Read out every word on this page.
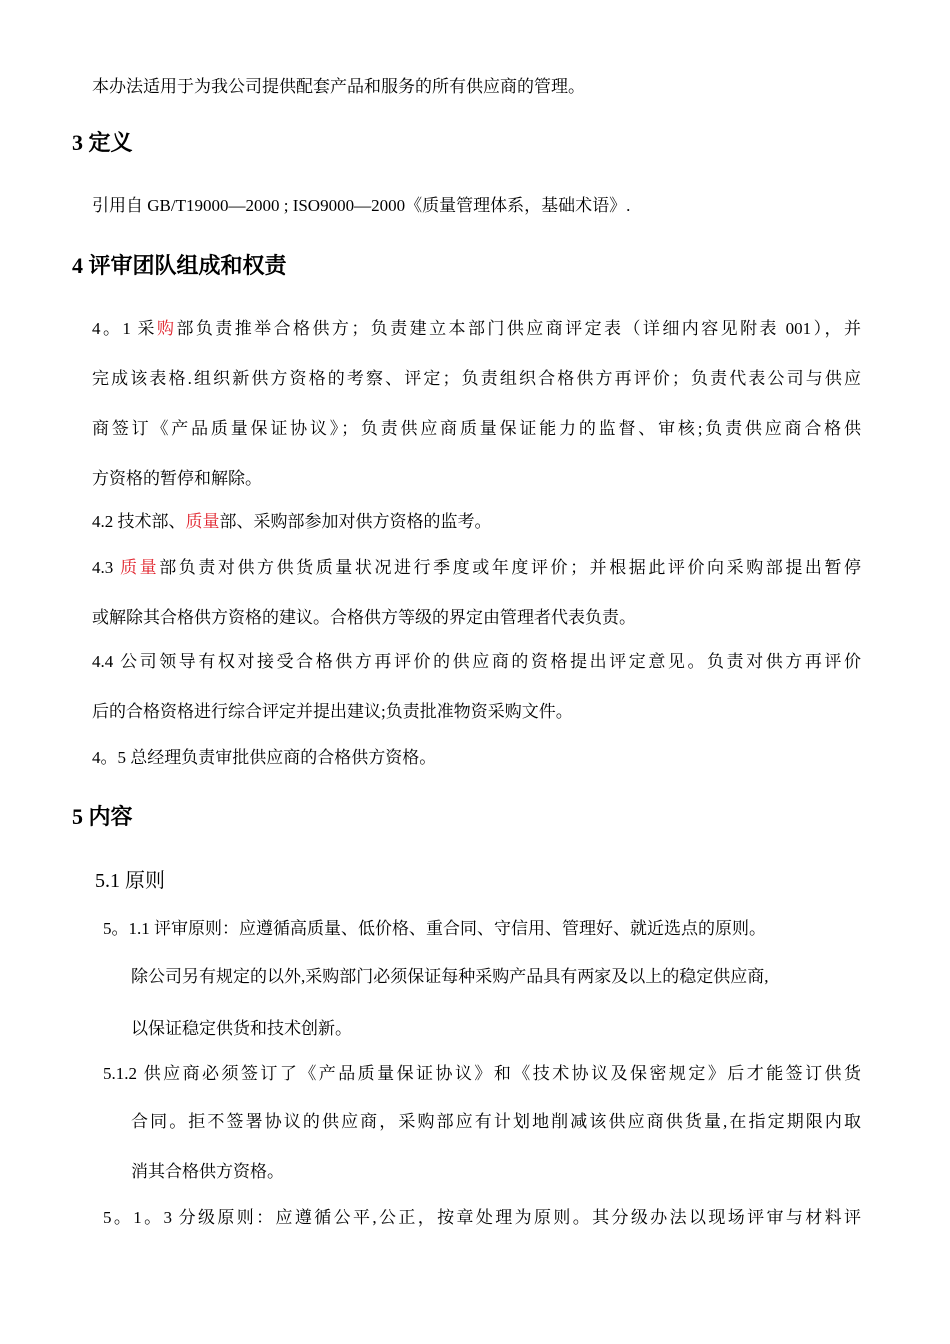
本办法适用于为我公司提供配套产品和服务的所有供应商的管理。
3 定义
引用自 GB/T19000—2000 ; ISO9000—2000《质量管理体系，基础术语》.
4 评审团队组成和权责
4。1 采购部负责推举合格供方；负责建立本部门供应商评定表（详细内容见附表 001），并
完成该表格.组织新供方资格的考察、评定；负责组织合格供方再评价；负责代表公司与供应
商签订《产品质量保证协议》；负责供应商质量保证能力的监督、审核;负责供应商合格供
方资格的暂停和解除。
4.2 技术部、质量部、采购部参加对供方资格的监考。
4.3 质量部负责对供方供货质量状况进行季度或年度评价；并根据此评价向采购部提出暂停
或解除其合格供方资格的建议。合格供方等级的界定由管理者代表负责。
4.4 公司领导有权对接受合格供方再评价的供应商的资格提出评定意见。负责对供方再评价
后的合格资格进行综合评定并提出建议;负责批准物资采购文件。
4。5 总经理负责审批供应商的合格供方资格。
5 内容
5.1 原则
5。1.1 评审原则：应遵循高质量、低价格、重合同、守信用、管理好、就近选点的原则。
除公司另有规定的以外,采购部门必须保证每种采购产品具有两家及以上的稳定供应商,
以保证稳定供货和技术创新。
5.1.2 供应商必须签订了《产品质量保证协议》和《技术协议及保密规定》后才能签订供货
合同。拒不签署协议的供应商，采购部应有计划地削减该供应商供货量,在指定期限内取
消其合格供方资格。
5。1。3 分级原则：应遵循公平,公正，按章处理为原则。其分级办法以现场评审与材料评
